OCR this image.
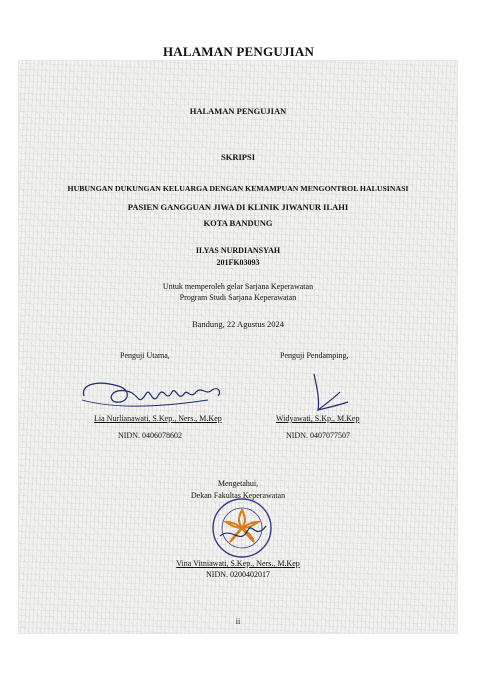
HALAMAN PENGUJIAN
HALAMAN PENGUJIAN
SKRIPSI
HUBUNGAN DUKUNGAN KELUARGA DENGAN KEMAMPUAN MENGONTROL HALUSINASI
PASIEN GANGGUAN JIWA DI KLINIK JIWANUR ILAHI
KOTA BANDUNG
ILYAS NURDIANSYAH
201FK03093
Untuk memperoleh gelar Sarjana Keperawatan
Program Studi Sarjana Keperawatan
Bandung, 22 Agustus 2024
Penguji Utama,
Lia Nurlianawati, S.Kep., Ners., M.Kep
NIDN. 0406078602
Penguji Pendamping,
Widyawati, S.Kp., M.Kep
NIDN. 0407077507
Mengetahui,
Dekan Fakultas Keperawatan
Vina Vitniawati, S.Kep., Ners., M.Kep
NIDN. 0200402017
ii
